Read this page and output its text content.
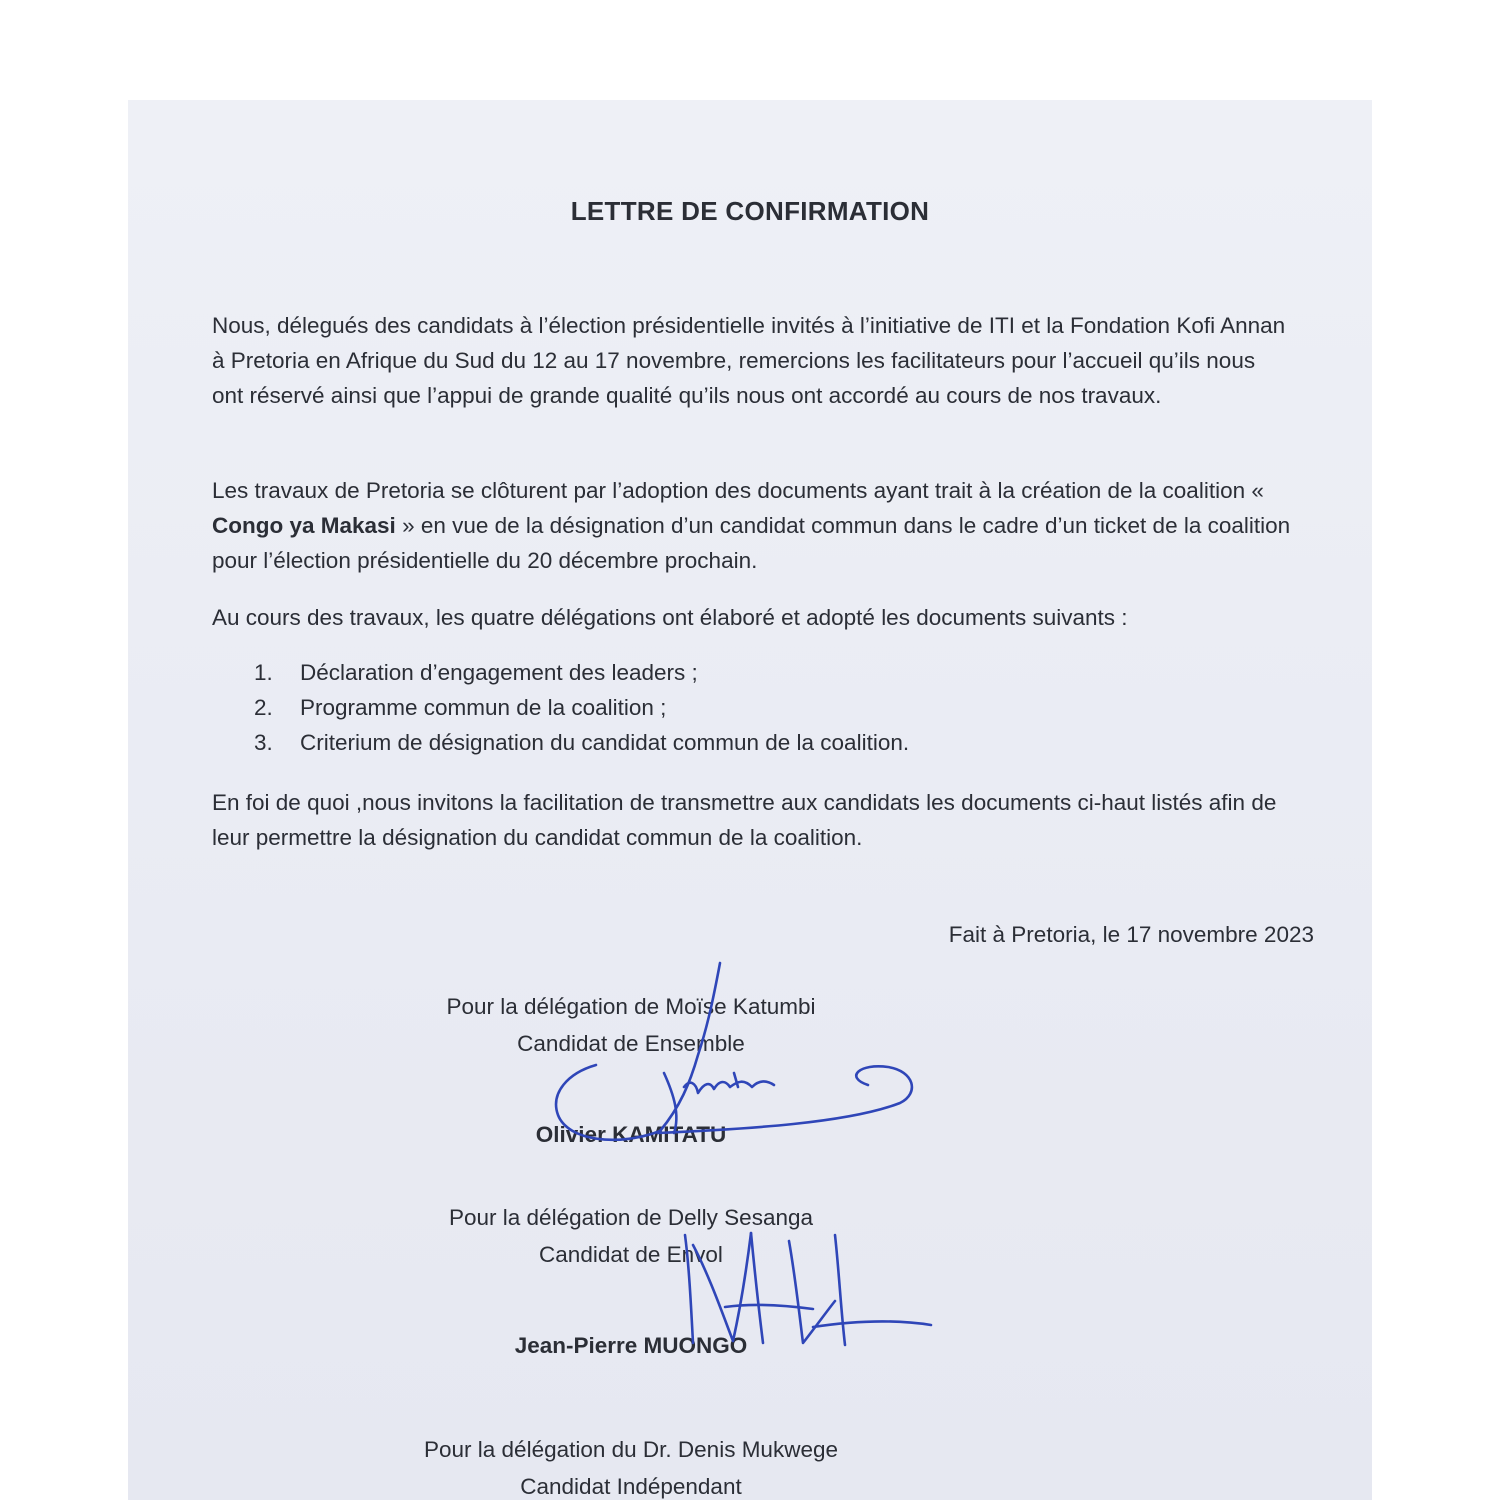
LETTRE DE CONFIRMATION

Nous, délegués des candidats à l’élection présidentielle invités à l’initiative de ITI et la Fondation Kofi Annan à Pretoria en Afrique du Sud du 12 au 17 novembre, remercions les facilitateurs pour l’accueil qu’ils nous ont réservé ainsi que l’appui de grande qualité qu’ils nous ont accordé au cours de nos travaux.

Les travaux de Pretoria se clôturent par l’adoption des documents ayant trait à la création de la coalition « Congo ya Makasi » en vue de la désignation d’un candidat commun dans le cadre d’un ticket de la coalition pour l’élection présidentielle du 20 décembre prochain.

Au cours des travaux, les quatre délégations ont élaboré et adopté les documents suivants :

1.	Déclaration d’engagement des leaders ;
2.	Programme commun de la coalition ;
3.	Criterium de désignation du candidat commun de la coalition.

En foi de quoi ,nous invitons la facilitation de transmettre aux candidats les documents ci-haut listés afin de leur permettre la désignation du candidat commun de la coalition.

Fait à Pretoria, le 17 novembre 2023
Pour la délégation de Moïse Katumbi
Candidat de Ensemble
Olivier KAMITATU
Pour la délégation de Delly Sesanga
Candidat de Envol
Jean-Pierre MUONGO
Pour la délégation du Dr. Denis Mukwege
Candidat Indépendant
